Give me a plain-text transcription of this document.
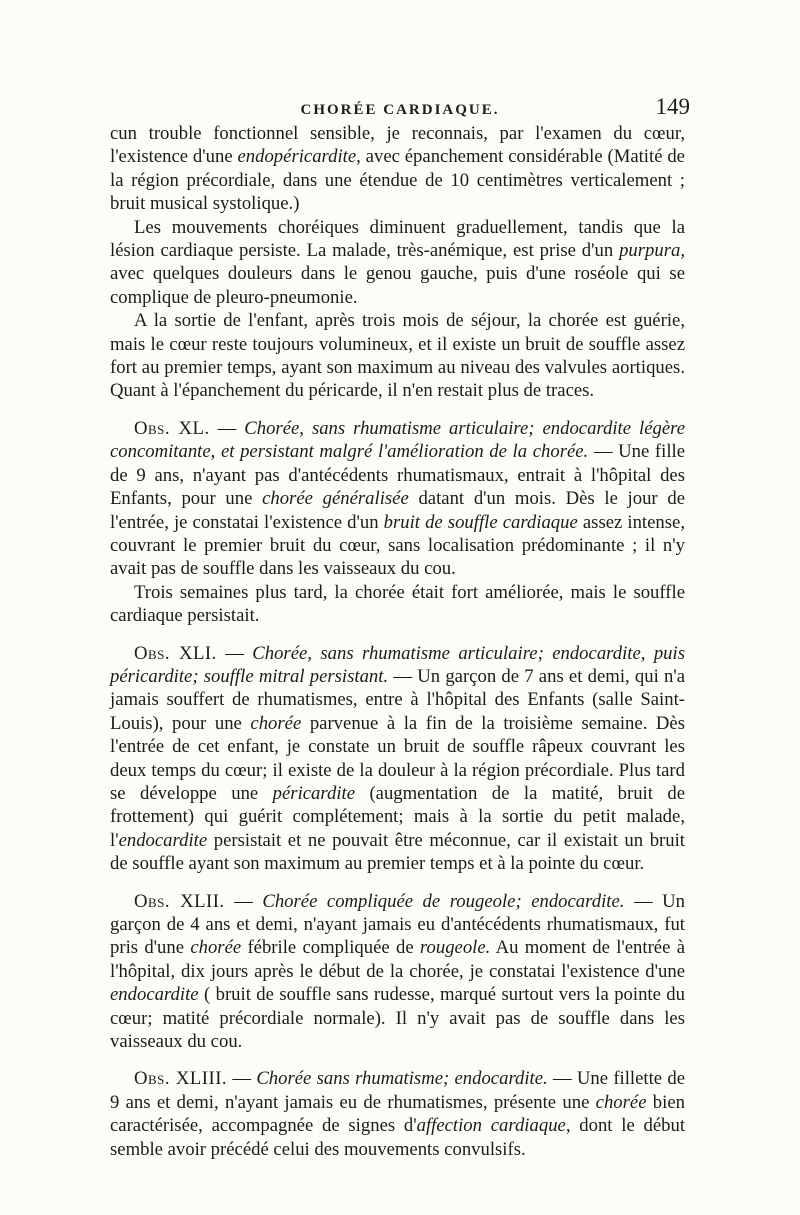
CHORÉE CARDIAQUE.	149

cun trouble fonctionnel sensible, je reconnais, par l'examen du cœur, l'existence d'une endopéricardite, avec épanchement considérable (Matité de la région précordiale, dans une étendue de 10 centimètres verticalement ; bruit musical systolique.)

Les mouvements choréiques diminuent graduellement, tandis que la lésion cardiaque persiste. La malade, très-anémique, est prise d'un purpura, avec quelques douleurs dans le genou gauche, puis d'une roséole qui se complique de pleuro-pneumonie.

A la sortie de l'enfant, après trois mois de séjour, la chorée est guérie, mais le cœur reste toujours volumineux, et il existe un bruit de souffle assez fort au premier temps, ayant son maximum au niveau des valvules aortiques. Quant à l'épanchement du péricarde, il n'en restait plus de traces.

Obs. XL. — Chorée, sans rhumatisme articulaire; endocardite légère concomitante, et persistant malgré l'amélioration de la chorée. — Une fille de 9 ans, n'ayant pas d'antécédents rhumatismaux, entrait à l'hôpital des Enfants, pour une chorée généralisée datant d'un mois. Dès le jour de l'entrée, je constatai l'existence d'un bruit de souffle cardiaque assez intense, couvrant le premier bruit du cœur, sans localisation prédominante ; il n'y avait pas de souffle dans les vaisseaux du cou.

Trois semaines plus tard, la chorée était fort améliorée, mais le souffle cardiaque persistait.

Obs. XLI. — Chorée, sans rhumatisme articulaire; endocardite, puis péricardite; souffle mitral persistant. — Un garçon de 7 ans et demi, qui n'a jamais souffert de rhumatismes, entre à l'hôpital des Enfants (salle Saint-Louis), pour une chorée parvenue à la fin de la troisième semaine. Dès l'entrée de cet enfant, je constate un bruit de souffle râpeux couvrant les deux temps du cœur; il existe de la douleur à la région précordiale. Plus tard se développe une péricardite (augmentation de la matité, bruit de frottement) qui guérit complétement; mais à la sortie du petit malade, l'endocardite persistait et ne pouvait être méconnue, car il existait un bruit de souffle ayant son maximum au premier temps et à la pointe du cœur.

Obs. XLII. — Chorée compliquée de rougeole; endocardite. — Un garçon de 4 ans et demi, n'ayant jamais eu d'antécédents rhumatismaux, fut pris d'une chorée fébrile compliquée de rougeole. Au moment de l'entrée à l'hôpital, dix jours après le début de la chorée, je constatai l'existence d'une endocardite ( bruit de souffle sans rudesse, marqué surtout vers la pointe du cœur; matité précordiale normale). Il n'y avait pas de souffle dans les vaisseaux du cou.

Obs. XLIII. — Chorée sans rhumatisme; endocardite. — Une fillette de 9 ans et demi, n'ayant jamais eu de rhumatismes, présente une chorée bien caractérisée, accompagnée de signes d'affection cardiaque, dont le début semble avoir précédé celui des mouvements convulsifs.
